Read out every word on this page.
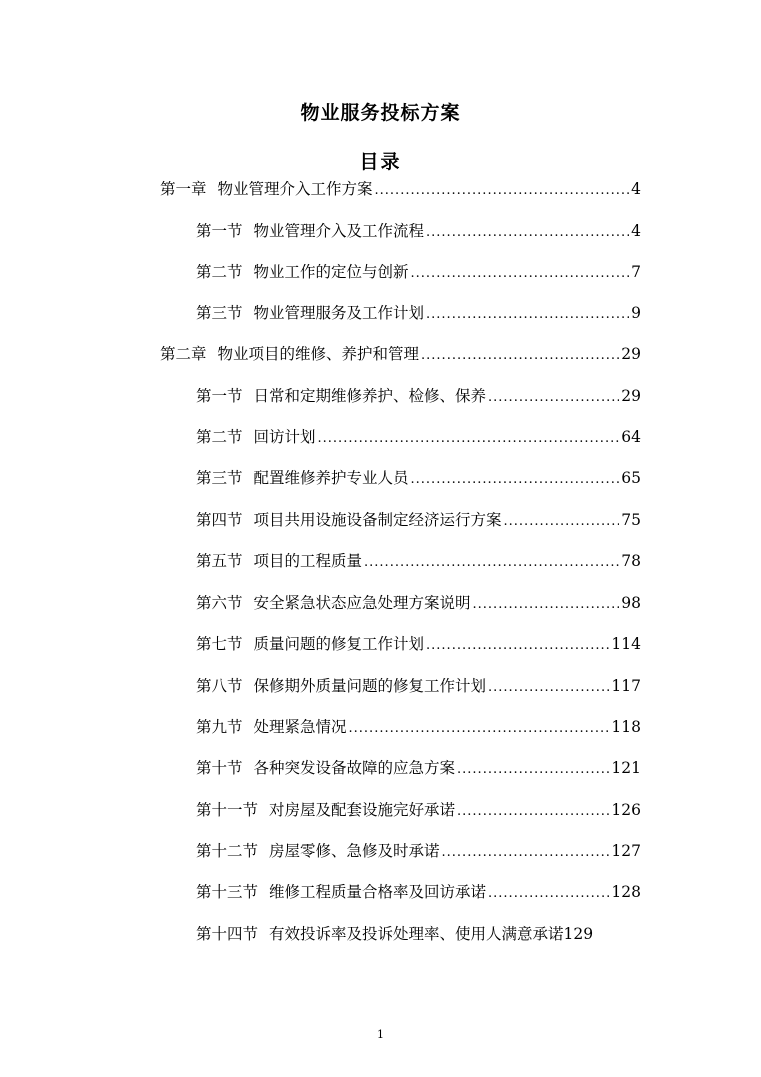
物业服务投标方案
目录
第一章 物业管理介入工作方案 .....	4
第一节 物业管理介入及工作流程 .....	4
第二节 物业工作的定位与创新 .....	7
第三节 物业管理服务及工作计划 .....	9
第二章 物业项目的维修、养护和管理 .....	29
第一节 日常和定期维修养护、检修、保养 .....	29
第二节 回访计划 .....	64
第三节 配置维修养护专业人员 .....	65
第四节 项目共用设施设备制定经济运行方案 .....	75
第五节 项目的工程质量 .....	78
第六节 安全紧急状态应急处理方案说明 .....	98
第七节 质量问题的修复工作计划 .....	114
第八节 保修期外质量问题的修复工作计划 .....	117
第九节 处理紧急情况 .....	118
第十节 各种突发设备故障的应急方案 .....	121
第十一节 对房屋及配套设施完好承诺 .....	126
第十二节 房屋零修、急修及时承诺 .....	127
第十三节 维修工程质量合格率及回访承诺 .....	128
第十四节 有效投诉率及投诉处理率、使用人满意承诺 129
1
